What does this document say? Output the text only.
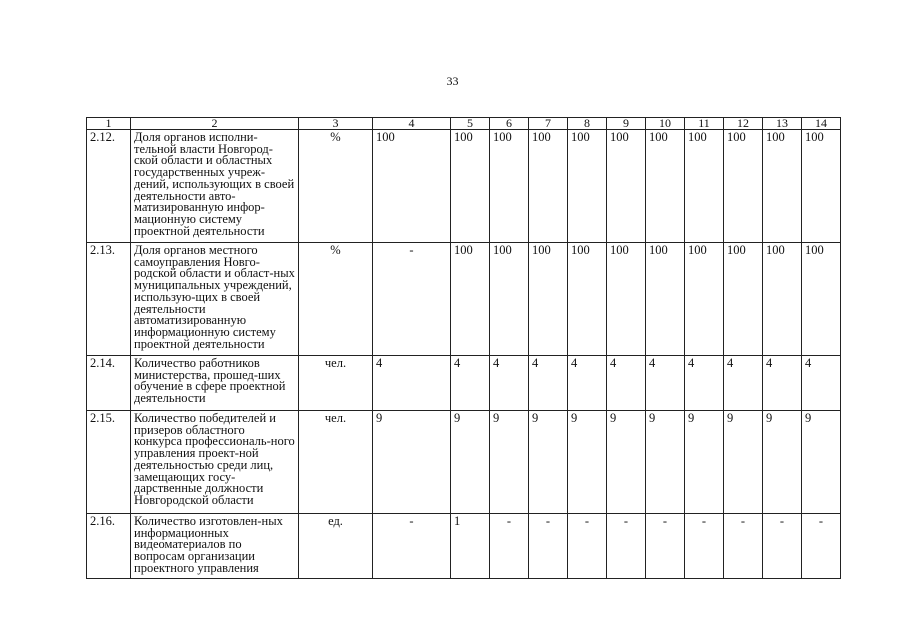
33
1	2	3	4	5	6	7	8	9	10	11	12	13	14
2.12.	Доля органов исполни-тельной власти Новгород-ской области и областных государственных учреж-дений, использующих в своей деятельности авто-матизированную инфор-мационную систему проектной деятельности	%	100	100	100	100	100	100	100	100	100	100	100
2.13.	Доля органов местного самоуправления Новго-родской области и област-ных муниципальных учреждений, использую-щих в своей деятельности автоматизированную информационную систему проектной деятельности	%	-	100	100	100	100	100	100	100	100	100	100
2.14.	Количество работников министерства, прошед-ших обучение в сфере проектной деятельности	чел.	4	4	4	4	4	4	4	4	4	4	4
2.15.	Количество победителей и призеров областного конкурса профессиональ-ного управления проект-ной деятельностью среди лиц, замещающих госу-дарственные должности Новгородской области	чел.	9	9	9	9	9	9	9	9	9	9	9
2.16.	Количество изготовлен-ных информационных видеоматериалов по вопросам организации проектного управления	ед.	-	1	-	-	-	-	-	-	-	-	-
